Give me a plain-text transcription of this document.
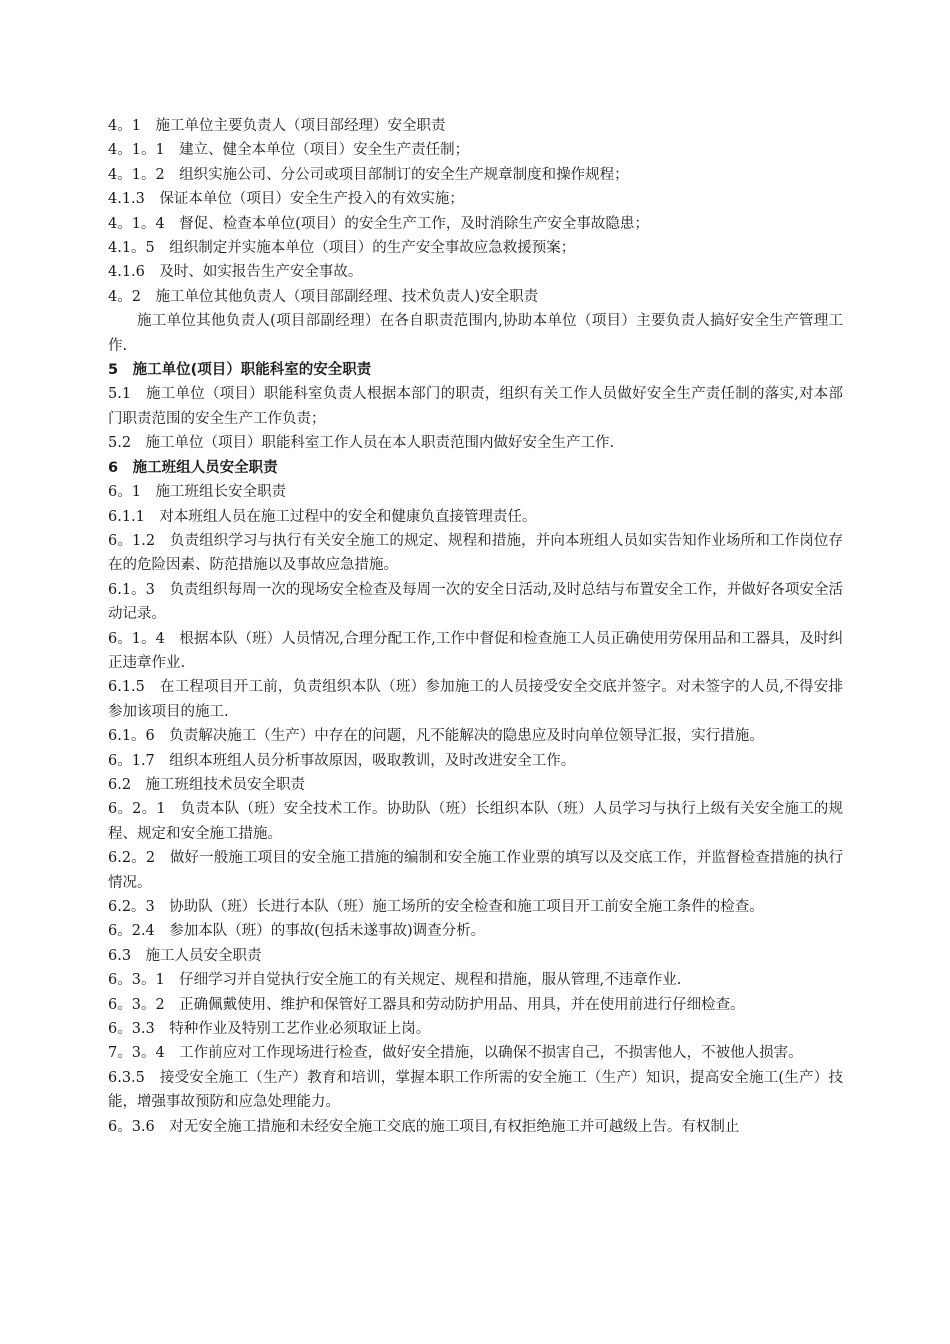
4。1　施工单位主要负责人（项目部经理）安全职责
4。1。1　建立、健全本单位（项目）安全生产责任制；
4。1。2　组织实施公司、分公司或项目部制订的安全生产规章制度和操作规程；
4.1.3　保证本单位（项目）安全生产投入的有效实施；
4。1。4　督促、检查本单位(项目）的安全生产工作，及时消除生产安全事故隐患；
4.1。5　组织制定并实施本单位（项目）的生产安全事故应急救援预案；
4.1.6　及时、如实报告生产安全事故。
4。2　施工单位其他负责人（项目部副经理、技术负责人)安全职责
施工单位其他负责人(项目部副经理）在各自职责范围内,协助本单位（项目）主要负责人搞好安全生产管理工作.
5　施工单位(项目）职能科室的安全职责
5.1　施工单位（项目）职能科室负责人根据本部门的职责，组织有关工作人员做好安全生产责任制的落实,对本部门职责范围的安全生产工作负责；
5.2　施工单位（项目）职能科室工作人员在本人职责范围内做好安全生产工作.
6　施工班组人员安全职责
6。1　施工班组长安全职责
6.1.1　对本班组人员在施工过程中的安全和健康负直接管理责任。
6。1.2　负责组织学习与执行有关安全施工的规定、规程和措施，并向本班组人员如实告知作业场所和工作岗位存在的危险因素、防范措施以及事故应急措施。
6.1。3　负责组织每周一次的现场安全检查及每周一次的安全日活动,及时总结与布置安全工作，并做好各项安全活动记录。
6。1。4　根据本队（班）人员情况,合理分配工作,工作中督促和检查施工人员正确使用劳保用品和工器具，及时纠正违章作业.
6.1.5　在工程项目开工前，负责组织本队（班）参加施工的人员接受安全交底并签字。对未签字的人员,不得安排参加该项目的施工.
6.1。6　负责解决施工（生产）中存在的问题，凡不能解决的隐患应及时向单位领导汇报，实行措施。
6。1.7　组织本班组人员分析事故原因，吸取教训，及时改进安全工作。
6.2　施工班组技术员安全职责
6。2。1　负责本队（班）安全技术工作。协助队（班）长组织本队（班）人员学习与执行上级有关安全施工的规程、规定和安全施工措施。
6.2。2　做好一般施工项目的安全施工措施的编制和安全施工作业票的填写以及交底工作，并监督检查措施的执行情况。
6.2。3　协助队（班）长进行本队（班）施工场所的安全检查和施工项目开工前安全施工条件的检查。
6。2.4　参加本队（班）的事故(包括未遂事故)调查分析。
6.3　施工人员安全职责
6。3。1　仔细学习并自觉执行安全施工的有关规定、规程和措施，服从管理,不违章作业.
6。3。2　正确佩戴使用、维护和保管好工器具和劳动防护用品、用具，并在使用前进行仔细检查。
6。3.3　特种作业及特别工艺作业必须取证上岗。
7。3。4　工作前应对工作现场进行检查，做好安全措施，以确保不损害自己，不损害他人，不被他人损害。
6.3.5　接受安全施工（生产）教育和培训，掌握本职工作所需的安全施工（生产）知识，提高安全施工(生产）技能，增强事故预防和应急处理能力。
6。3.6　对无安全施工措施和未经安全施工交底的施工项目,有权拒绝施工并可越级上告。有权制止
